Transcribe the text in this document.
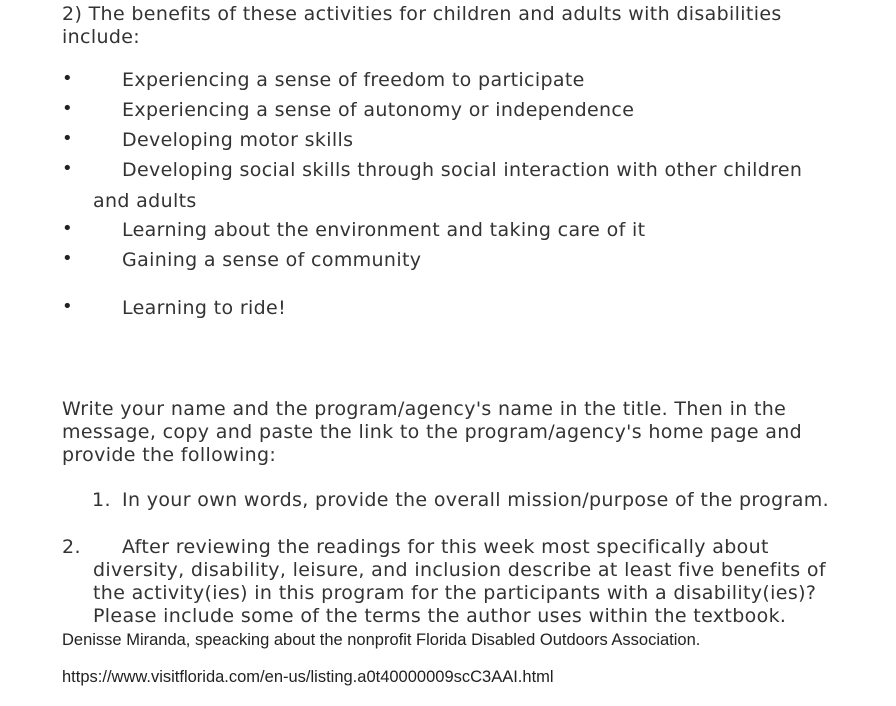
2) The benefits of these activities for children and adults with disabilities

include:

•	Experiencing a sense of freedom to participate
•	Experiencing a sense of autonomy or independence
•	Developing motor skills
•	Developing social skills through social interaction with other children
and adults
•	Learning about the environment and taking care of it
•	Gaining a sense of community
•	Learning to ride!

Write your name and the program/agency's name in the title. Then in the

message, copy and paste the link to the program/agency's home page and

provide the following:

1. In your own words, provide the overall mission/purpose of the program.
2. After reviewing the readings for this week most specifically about
diversity, disability, leisure, and inclusion describe at least five benefits of
the activity(ies) in this program for the participants with a disability(ies)?
Please include some of the terms the author uses within the textbook.

Denisse Miranda, speacking about the nonprofit Florida Disabled Outdoors Association.

https://www.visitflorida.com/en-us/listing.a0t40000009scC3AAI.html
